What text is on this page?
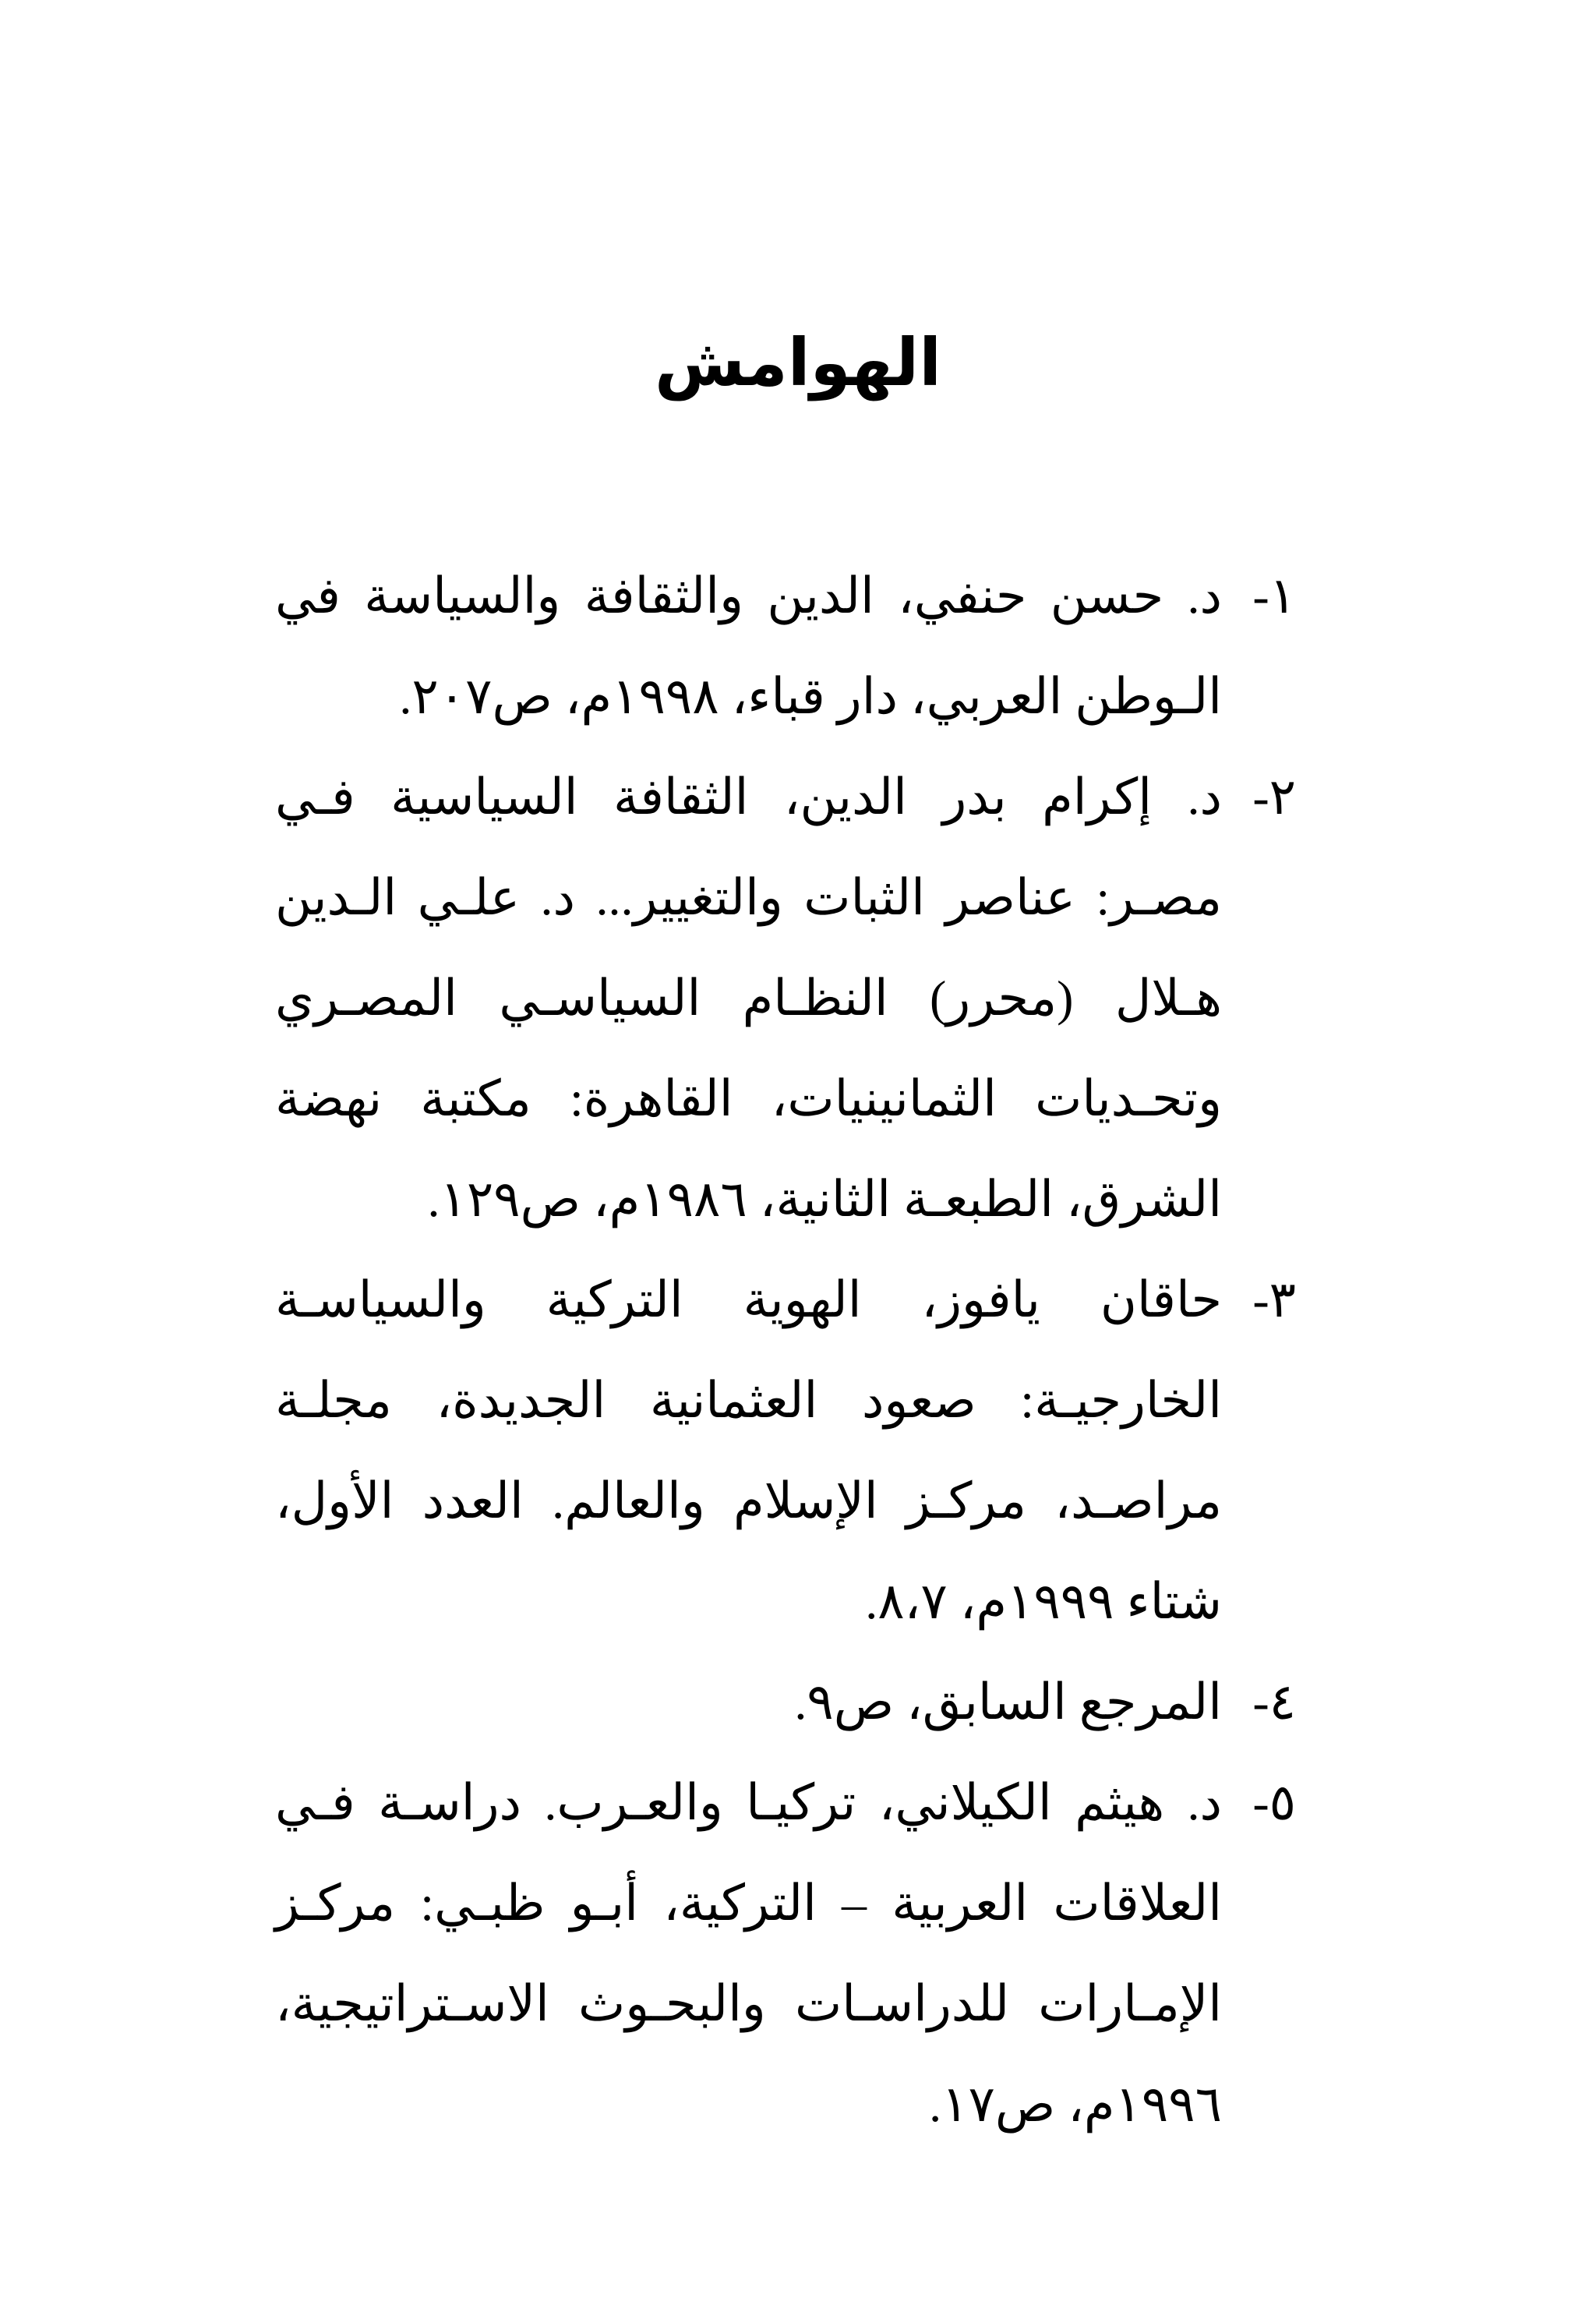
الهوامش
١-
د. حسن حنفي، الدين والثقافة والسياسة في الـوطن العربي، دار قباء، ١٩٩٨م، ص٢٠٧.
٢-
د. إكرام بدر الدين، الثقافة السياسية فـي مصـر: عناصر الثبات والتغيير... د. علـي الـدين هـلال (محرر) النظـام السياسـي المصـري وتحـديات الثمانينيات، القاهرة: مكتبة نهضة الشرق، الطبعـة الثانية، ١٩٨٦م، ص١٢٩.
٣-
حاقان يافوز، الهوية التركية والسياسـة الخارجيـة: صعود العثمانية الجديدة، مجلـة مراصـد، مركـز الإسلام والعالم. العدد الأول، شتاء ١٩٩٩م، ٨،٧.
٤-
المرجع السابق، ص٩.
٥-
د. هيثم الكيلاني، تركيـا والعـرب. دراسـة فـي العلاقات العربية – التركية، أبـو ظبـي: مركـز الإمـارات للدراسـات والبحـوث الاسـتراتيجية، ١٩٩٦م، ص١٧.
